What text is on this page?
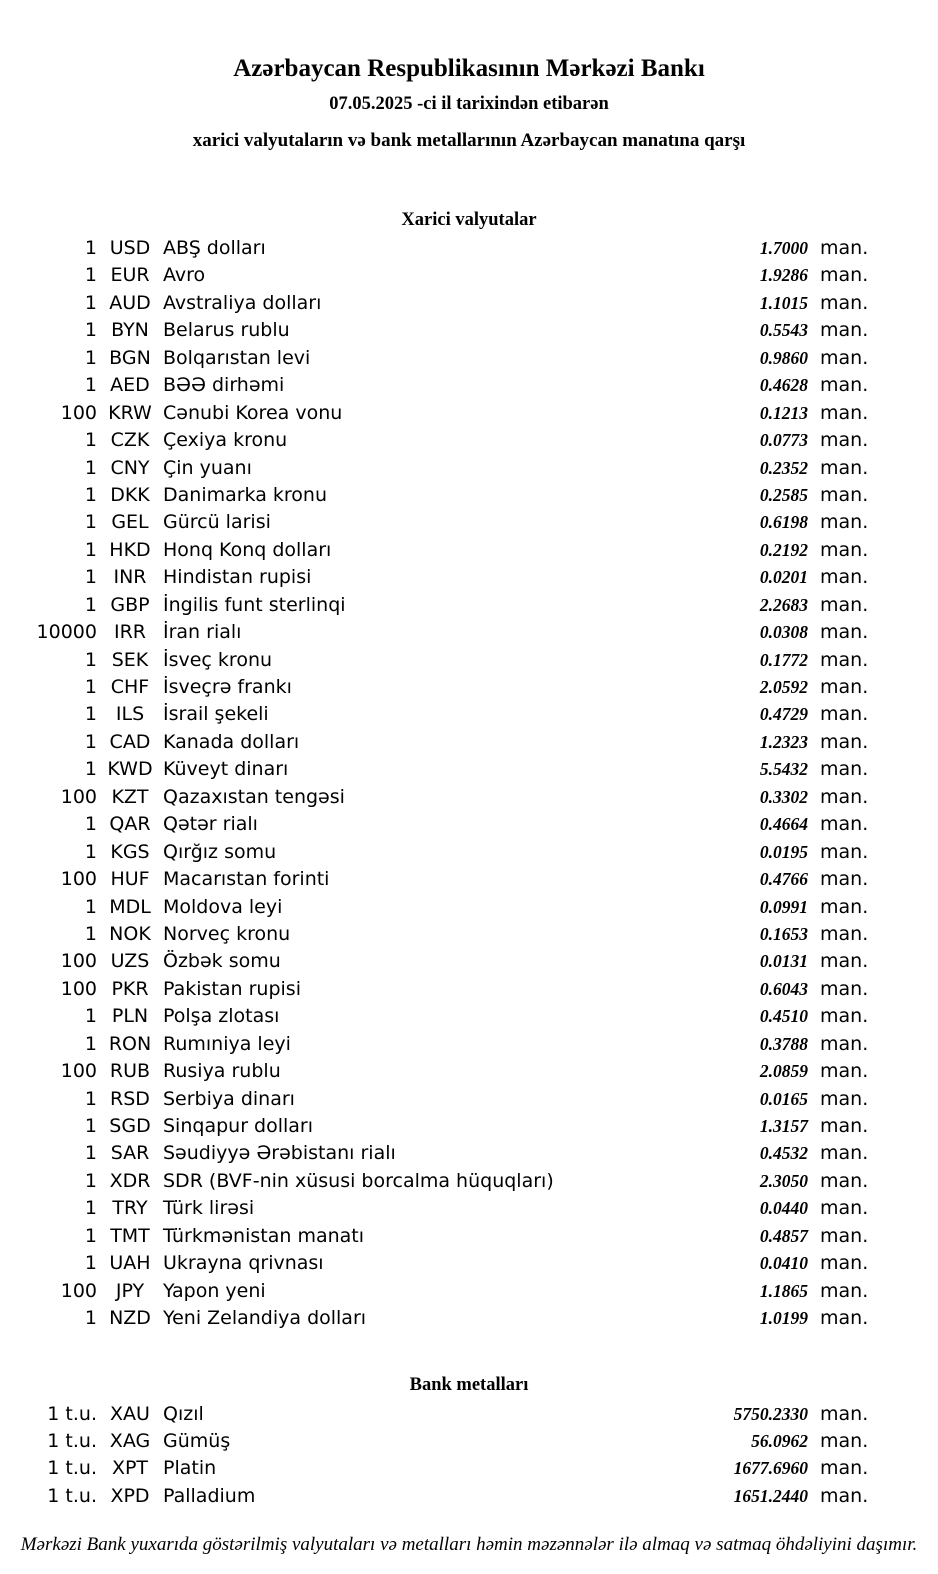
Azərbaycan Respublikasının Mərkəzi Bankı
07.05.2025 -ci il tarixindən etibarən
xarici valyutaların və bank metallarının Azərbaycan manatına qarşı
Xarici valyutalar
1 USD ABŞ dolları	1.7000 man.
1 EUR Avro	1.9286 man.
1 AUD Avstraliya dolları	1.1015 man.
1 BYN Belarus rublu	0.5543 man.
1 BGN Bolqarıstan levi	0.9860 man.
1 AED BƏƏ dirhəmi	0.4628 man.
100 KRW Cənubi Korea vonu	0.1213 man.
1 CZK Çexiya kronu	0.0773 man.
1 CNY Çin yuanı	0.2352 man.
1 DKK Danimarka kronu	0.2585 man.
1 GEL Gürcü larisi	0.6198 man.
1 HKD Honq Konq dolları	0.2192 man.
1 INR Hindistan rupisi	0.0201 man.
1 GBP İngilis funt sterlinqi	2.2683 man.
10000 IRR İran rialı	0.0308 man.
1 SEK İsveç kronu	0.1772 man.
1 CHF İsveçrə frankı	2.0592 man.
1 ILS İsrail şekeli	0.4729 man.
1 CAD Kanada dolları	1.2323 man.
1 KWD Küveyt dinarı	5.5432 man.
100 KZT Qazaxıstan tengəsi	0.3302 man.
1 QAR Qətər rialı	0.4664 man.
1 KGS Qırğız somu	0.0195 man.
100 HUF Macarıstan forinti	0.4766 man.
1 MDL Moldova leyi	0.0991 man.
1 NOK Norveç kronu	0.1653 man.
100 UZS Özbək somu	0.0131 man.
100 PKR Pakistan rupisi	0.6043 man.
1 PLN Polşa zlotası	0.4510 man.
1 RON Rumıniya leyi	0.3788 man.
100 RUB Rusiya rublu	2.0859 man.
1 RSD Serbiya dinarı	0.0165 man.
1 SGD Sinqapur dolları	1.3157 man.
1 SAR Səudiyyə Ərəbistanı rialı	0.4532 man.
1 XDR SDR (BVF-nin xüsusi borcalma hüquqları)	2.3050 man.
1 TRY Türk lirəsi	0.0440 man.
1 TMT Türkmənistan manatı	0.4857 man.
1 UAH Ukrayna qrivnası	0.0410 man.
100 JPY Yapon yeni	1.1865 man.
1 NZD Yeni Zelandiya dolları	1.0199 man.
Bank metalları
1 t.u. XAU Qızıl	5750.2330 man.
1 t.u. XAG Gümüş	56.0962 man.
1 t.u. XPT Platin	1677.6960 man.
1 t.u. XPD Palladium	1651.2440 man.
Mərkəzi Bank yuxarıda göstərilmiş valyutaları və metalları həmin məzənnələr ilə almaq və satmaq öhdəliyini daşımır.
